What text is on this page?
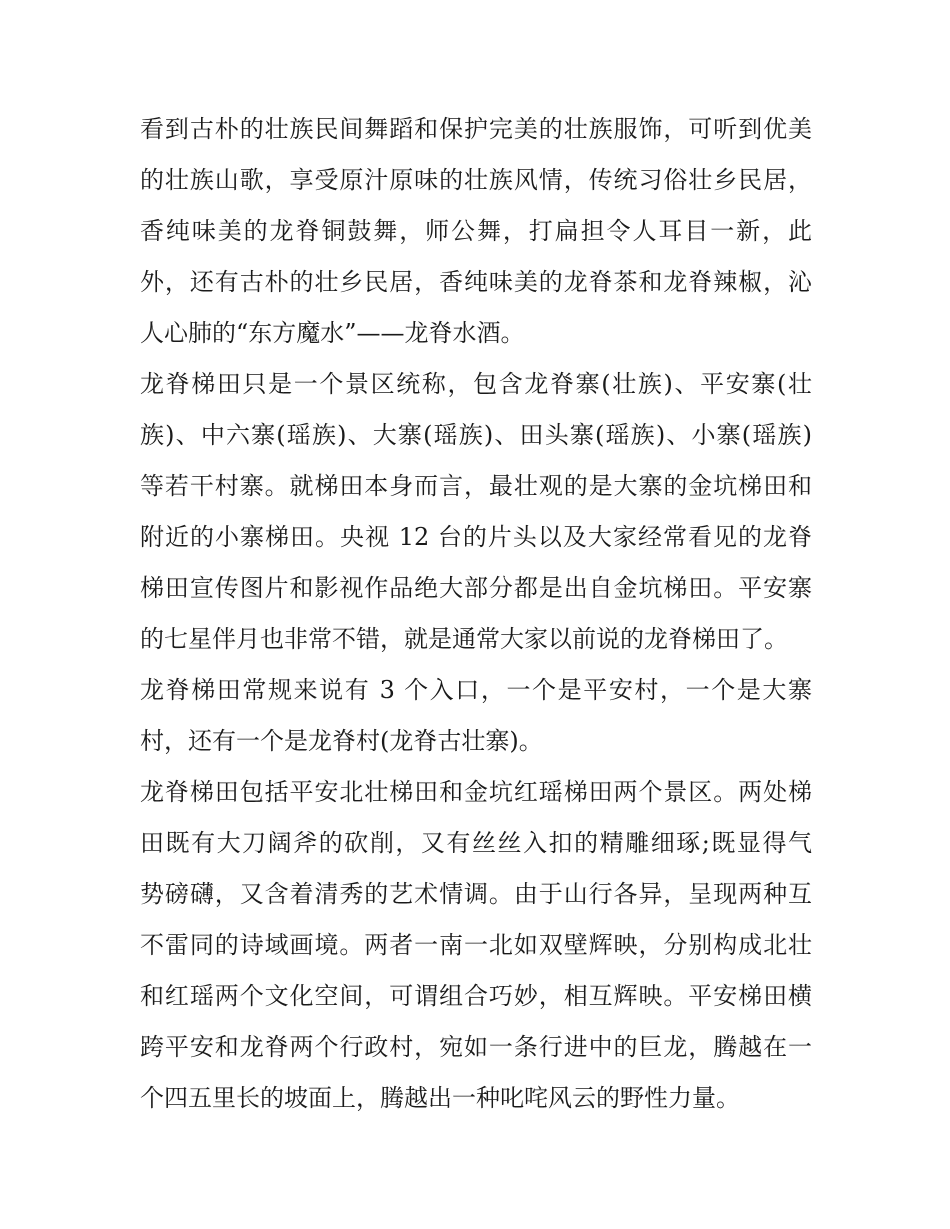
看到古朴的壮族民间舞蹈和保护完美的壮族服饰，可听到优美
的壮族山歌，享受原汁原味的壮族风情，传统习俗壮乡民居，
香纯味美的龙脊铜鼓舞，师公舞，打扁担令人耳目一新，此
外，还有古朴的壮乡民居，香纯味美的龙脊茶和龙脊辣椒，沁
人心肺的“东方魔水”——龙脊水酒。
龙脊梯田只是一个景区统称，包含龙脊寨(壮族)、平安寨(壮
族)、中六寨(瑶族)、大寨(瑶族)、田头寨(瑶族)、小寨(瑶族)
等若干村寨。就梯田本身而言，最壮观的是大寨的金坑梯田和
附近的小寨梯田。央视 12 台的片头以及大家经常看见的龙脊
梯田宣传图片和影视作品绝大部分都是出自金坑梯田。平安寨
的七星伴月也非常不错，就是通常大家以前说的龙脊梯田了。
龙脊梯田常规来说有 3 个入口，一个是平安村，一个是大寨
村，还有一个是龙脊村(龙脊古壮寨)。
龙脊梯田包括平安北壮梯田和金坑红瑶梯田两个景区。两处梯
田既有大刀阔斧的砍削，又有丝丝入扣的精雕细琢;既显得气
势磅礴，又含着清秀的艺术情调。由于山行各异，呈现两种互
不雷同的诗域画境。两者一南一北如双壁辉映，分别构成北壮
和红瑶两个文化空间，可谓组合巧妙，相互辉映。平安梯田横
跨平安和龙脊两个行政村，宛如一条行进中的巨龙，腾越在一
个四五里长的坡面上，腾越出一种叱咤风云的野性力量。
